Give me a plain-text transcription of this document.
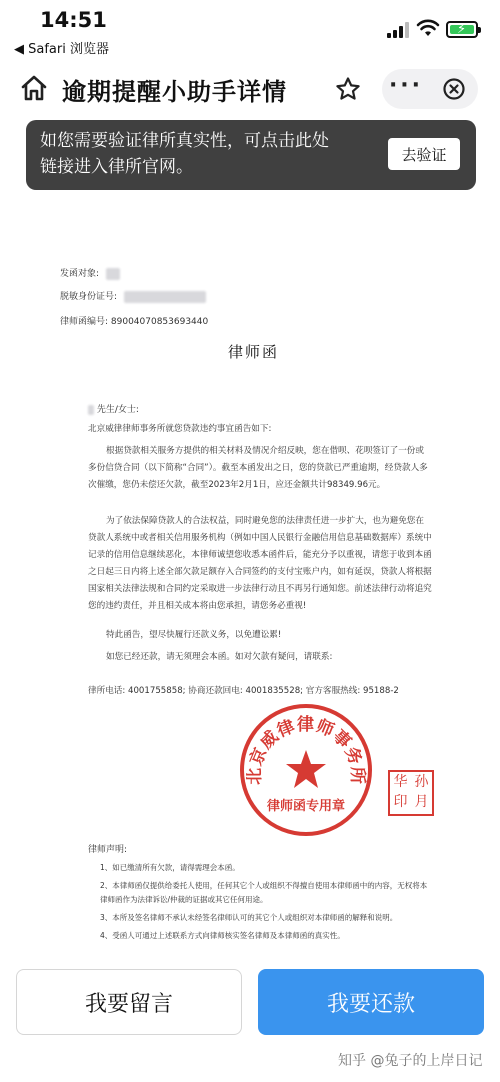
14:51
◀ Safari 浏览器
⚡
逾期提醒小助手详情	···
如您需要验证律所真实性，可点击此处链接进入律所官网。
去验证
发函对象:
脱敏身份证号:
律师函编号: 8900407085369344​0
律师函
先生/女士:
北京威律律师事务所就您贷款违约事宜函告如下:
根据贷款相关服务方提供的相关材料及情况介绍反映，您在借呗、花呗签订了一份或多份信贷合同（以下简称“合同”）。截至本函发出之日，您的贷款已严重逾期，经贷款人多次催缴，您仍未偿还欠款，截至2023年2月1日，应还金额共计98349.96元。
为了依法保障贷款人的合法权益，同时避免您的法律责任进一步扩大，也为避免您在贷款人系统中或者相关信用服务机构（例如中国人民银行金融信用信息基础数据库）系统中记录的信用信息继续恶化，本律师诚望您收悉本函件后，能充分予以重视，请您于收到本函之日起三日内将上述全部欠款足额存入合同签约的支付宝账户内，如有延误，贷款人将根据国家相关法律法规和合同约定采取进一步法律行动且不再另行通知您。前述法律行动将追究您的违约责任，并且相关成本将由您承担，请您务必重视!
特此函告，望尽快履行还款义务，以免遭讼累!
如您已经还款，请无须理会本函。如对欠款有疑问，请联系:
律所电话: 4001755858; 协商还款回电: 4001835528; 官方客服热线: 95188-2
北京威律律师事务所
律师函专用章
华 孙
印 月
律师声明:
1、如已缴清所有欠款，请得需理会本函。
2、本律师函仅提供给委托人使用，任何其它个人或组织不得擅自使用本律师函中的内容，无权将本律师函作为法律诉讼/仲裁的证据或其它任何用途。
3、本所及签名律师不承认未经签名律师认可的其它个人或组织对本律师函的解释和说明。
4、受函人可通过上述联系方式向律师核实签名律师及本律师函的真实性。
我要留言	我要还款
知乎 @兔子的上岸日记
